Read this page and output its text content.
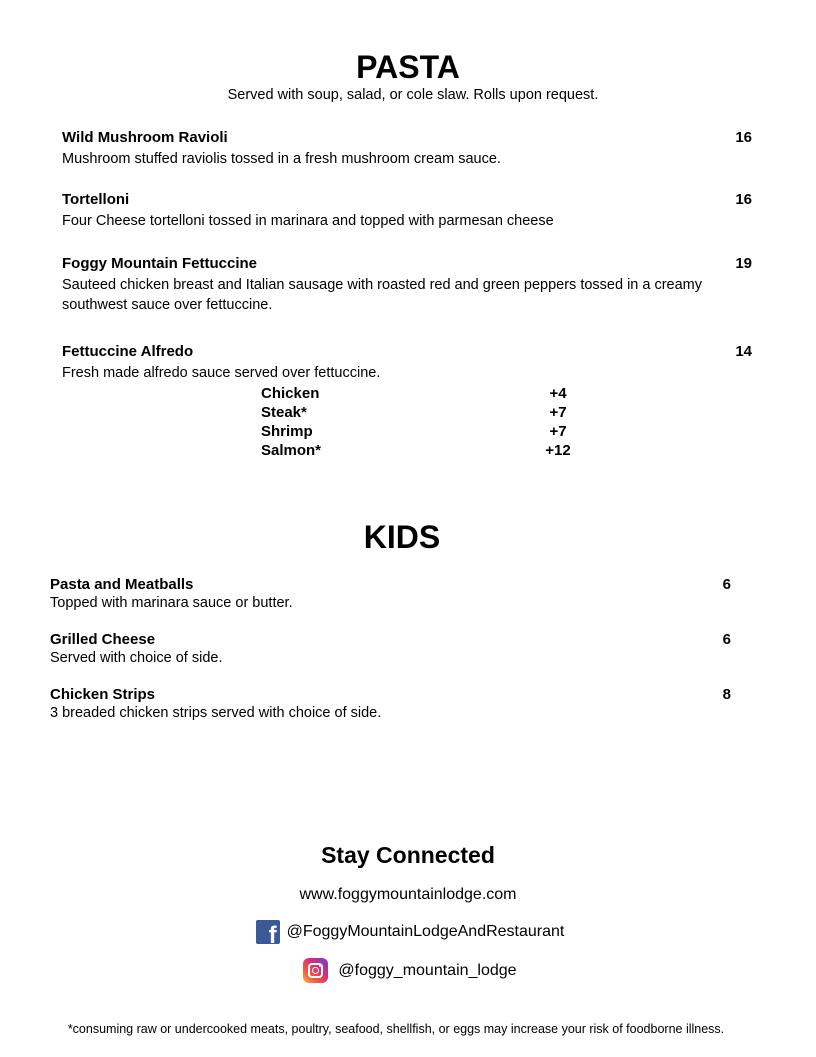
PASTA
Served with soup, salad, or cole slaw. Rolls upon request.
Wild Mushroom Ravioli	16
Mushroom stuffed raviolis tossed in a fresh mushroom cream sauce.
Tortelloni	16
Four Cheese tortelloni tossed in marinara and topped with parmesan cheese
Foggy Mountain Fettuccine	19
Sauteed chicken breast and Italian sausage with roasted red and green peppers tossed in a creamy southwest sauce over fettuccine.
Fettuccine Alfredo	14
Fresh made alfredo sauce served over fettuccine.
Chicken	+4
Steak*	+7
Shrimp	+7
Salmon*	+12
KIDS
Pasta and Meatballs	6
Topped with marinara sauce or butter.
Grilled Cheese	6
Served with choice of side.
Chicken Strips	8
3 breaded chicken strips served with choice of side.
Stay Connected
www.foggymountainlodge.com
f @FoggyMountainLodgeAndRestaurant
@foggy_mountain_lodge
*consuming raw or undercooked meats, poultry, seafood, shellfish, or eggs may increase your risk of foodborne illness.
